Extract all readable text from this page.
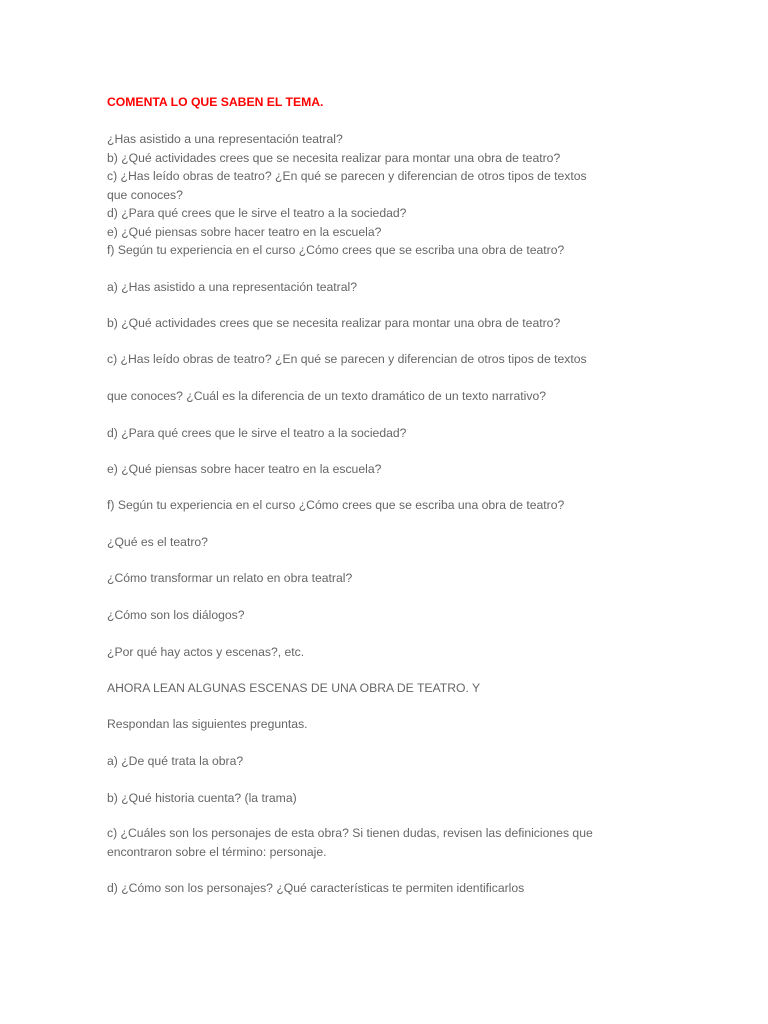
COMENTA LO QUE SABEN EL TEMA.
¿Has asistido a una representación teatral?
b) ¿Qué actividades crees que se necesita realizar para montar una obra de teatro?
c) ¿Has leído obras de teatro? ¿En qué se parecen y diferencian de otros tipos de textos
que conoces?
d) ¿Para qué crees que le sirve el teatro a la sociedad?
e) ¿Qué piensas sobre hacer teatro en la escuela?
f) Según tu experiencia en el curso ¿Cómo crees que se escriba una obra de teatro?
a) ¿Has asistido a una representación teatral?
b) ¿Qué actividades crees que se necesita realizar para montar una obra de teatro?
c) ¿Has leído obras de teatro? ¿En qué se parecen y diferencian de otros tipos de textos
que conoces? ¿Cuál es la diferencia de un texto dramático de un texto narrativo?
d) ¿Para qué crees que le sirve el teatro a la sociedad?
e) ¿Qué piensas sobre hacer teatro en la escuela?
f) Según tu experiencia en el curso ¿Cómo crees que se escriba una obra de teatro?
¿Qué es el teatro?
¿Cómo transformar un relato en obra teatral?
¿Cómo son los diálogos?
¿Por qué hay actos y escenas?, etc.
AHORA LEAN ALGUNAS ESCENAS DE UNA OBRA DE TEATRO. Y
Respondan las siguientes preguntas.
a) ¿De qué trata la obra?
b) ¿Qué historia cuenta? (la trama)
c) ¿Cuáles son los personajes de esta obra? Si tienen dudas, revisen las definiciones que encontraron sobre el término: personaje.
d) ¿Cómo son los personajes? ¿Qué características te permiten identificarlos
